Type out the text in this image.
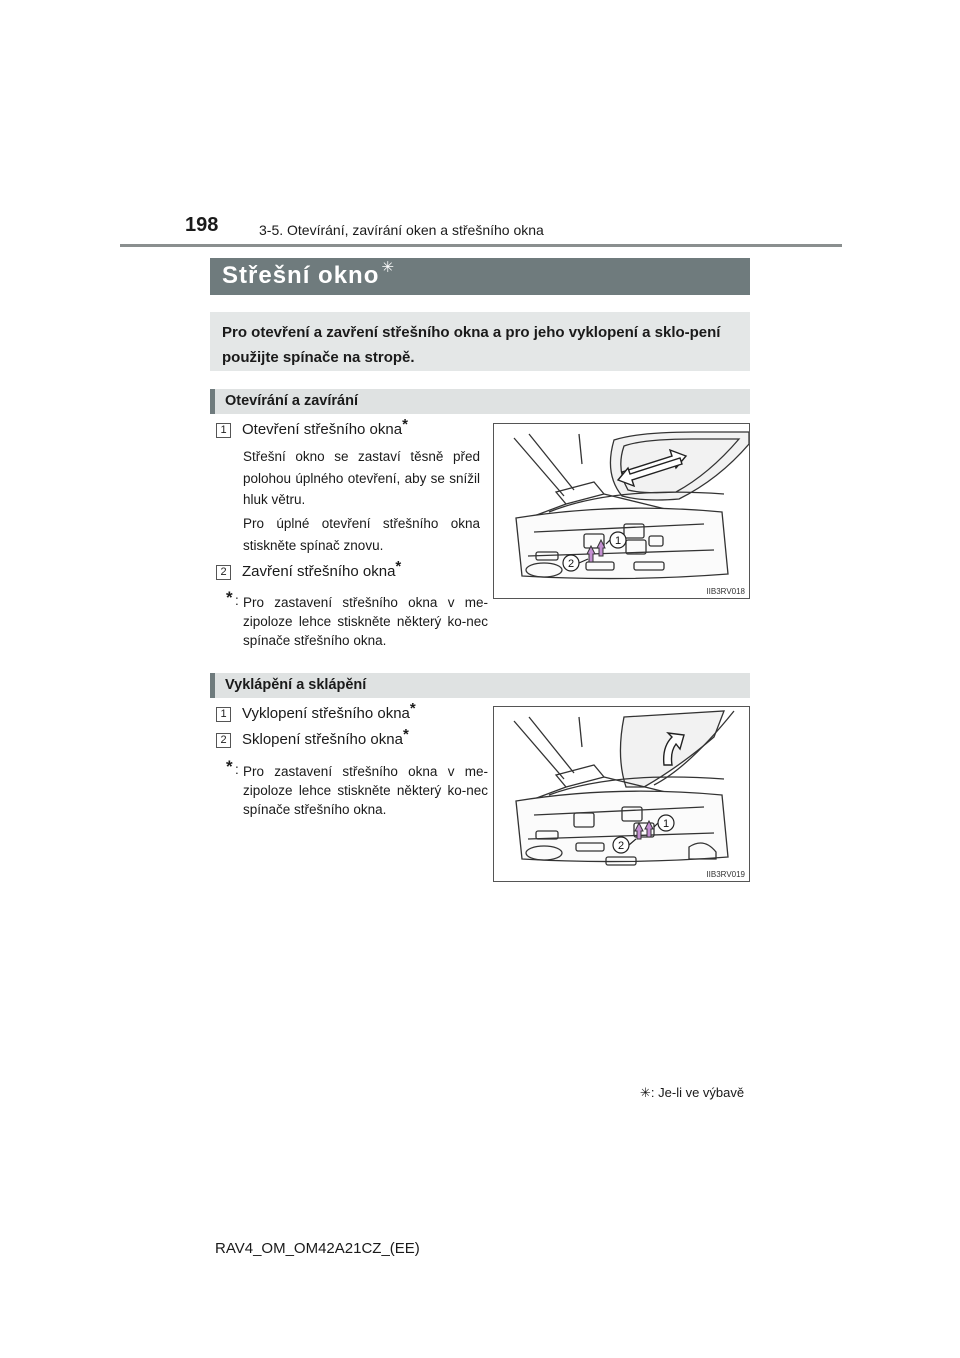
198	3-5. Otevírání, zavírání oken a střešního okna
Střešní okno ✳
Pro otevření a zavření střešního okna a pro jeho vyklopení a sklo-pení použijte spínače na stropě.
Otevírání a zavírání
1 Otevření střešního okna*
Střešní okno se zastaví těsně před polohou úplného otevření, aby se snížil hluk větru.
Pro úplné otevření střešního okna stiskněte spínač znovu.
2 Zavření střešního okna*
* : Pro zastavení střešního okna v me-zipoloze lehce stiskněte některý ko-nec spínače střešního okna.
1
2
IIB3RV018
Vyklápění a sklápění
1 Vyklopení střešního okna*
2 Sklopení střešního okna*
* : Pro zastavení střešního okna v me-zipoloze lehce stiskněte některý ko-nec spínače střešního okna.
1
2
IIB3RV019
✳: Je-li ve výbavě
RAV4_OM_OM42A21CZ_(EE)
